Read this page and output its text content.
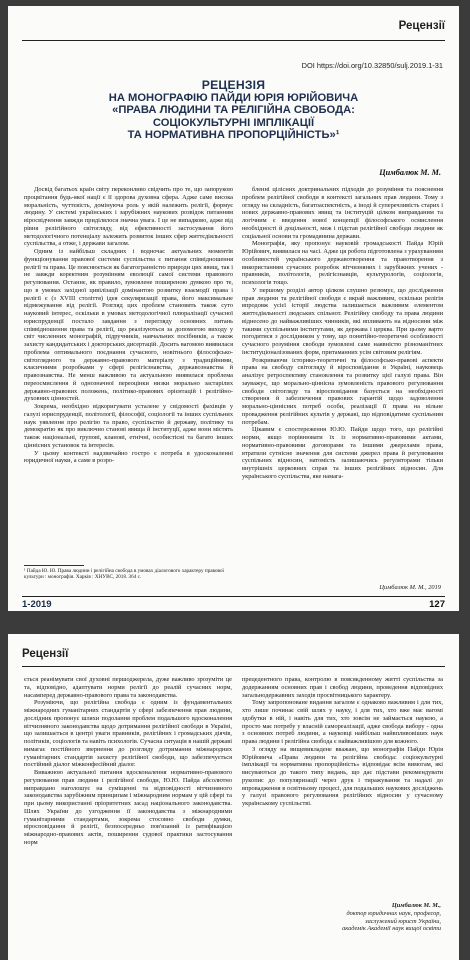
Рецензії
DOI https://doi.org/10.32850/sulj.2019.1-31
РЕЦЕНЗІЯ
НА МОНОГРАФІЮ ПАЙДИ ЮРІЯ ЮРІЙОВИЧА
«ПРАВА ЛЮДИНИ ТА РЕЛІГІЙНА СВОБОДА:
СОЦІОКУЛЬТУРНІ ІМПЛІКАЦІЇ
ТА НОРМАТИВНА ПРОПОРЦІЙНІСТЬ»¹
Цимбалюк М. М.

Досвід багатьох країн світу переконливо свідчить про те, що запорукою процвітання будь-якої нації є її здорова духовна сфера. Адже саме висока моральність, чуттєвість, домінуюча роль у якій належить релігії, формує людину. У системі українських і зарубіжних наукових розвідок питанням віросвідчення завжди приділялося значна увага. І це не випадково, адже від рівня релігійного світогляду, від ефективності застосування його методологічного потенціалу залежить розвиток інших сфер життєдіяльності суспільства, а отже, і держави загалом.

Одним із найбільш складних і водночас актуальних моментів функціонування правової системи суспільства є питання співвідношення релігії та права. Це пояснюється як багатогранністю природи цих явищ, так і не завжди коректним розумінням еволюції самої системи правового регулювання. Останнє, як правило, зумовлене поширеною думкою про те, що в умовах західної цивілізації домінантою розвитку взаємодії права і релігії є (з XVIII століття) ідея секуляризації права, його максимальне відмежування від релігії. Розгляд цих проблем становить також суто науковий інтерес, оскільки в умовах методологічної плюралізації сучасної юриспруденції постало завдання з перегляду основних питань співвідношення права та релігії, що реалізуються за допомогою виходу у світ численних монографій, підручників, навчальних посібників, а також захисту кандидатських і докторських дисертацій. Досить вагомою виявилася проблема оптимального поєднання сучасного, новітнього філософсько-світоглядного та державно-правового матеріалу з традиційними, класичними розробками у сфері релігієзнавства, державознавства й правознавства. Не менш важливою та актуальною виявилася проблема переосмислення й однозначної переоцінки низки морально застарілих державно-правових положень, політико-правових орієнтацій і релігійно-духовних цінностей.

Зокрема, необхідно відкоригувати усталене у свідомості фахівців у галузі юриспруденції, політології, філософії, соціології та інших суспільних наук уявлення про релігію та право, суспільство й державу, політику та демократію як про виключно станові явища й інституції, адже вони містять також національні, групові, кланові, етнічні, особистісні та багато інших ціннісних установок та інтересів.

У цьому контексті надзвичайно гостро є потреба в удосконаленні юридичної науки, а саме в розро-

бленні цілісних доктринальних підходів до розуміння та пояснення проблем релігійної свободи в контексті загальних прав людини. Тому з огляду на складність, багатоаспектність, а іноді й суперечливість старих і нових державно-правових явищ та інституцій цілком виправданим та логічним є введення нової концепції філософського осмислення необхідності й доцільності, меж і підстав релігійної свободи людини як соціальної основи та громадянина держави.

Монографія, яку пропонує науковій громадськості Пайда Юрій Юрійович, виявилася на часі. Адже ця робота підготовлена з урахуванням особливостей українського державотворення та правотворення з використанням сучасних розробок вітчизняних і зарубіжних учених - правників, політологів, релігієзнавців, культурологів, соціологів, психологів тощо.

У першому розділі автор цілком слушно резюмує, що дослідження прав людини та релігійної свободи є вкрай важливим, оскільки релігія впродовж усієї історії людства залишається важливим елементом життєдіяльності людських спільнот. Релігійну свободу та права людини віднесено до найважливіших чинників, які впливають на відносини між такими суспільними інститутами, як держава і церква. При цьому варто погодитися з дослідником у тому, що понятійно-теоретичні особливості сучасного розуміння свободи зумовлені саме наявністю різноманітних інституціоналізованих форм, притаманних усім світовим релігіям.

Розкриваючи історико-теоретичні та філософсько-правові аспекти права на свободу світогляду й віросповідання в Україні, науковець аналізує ретроспективу становлення та розвитку цієї галузі права. Він зауважує, що морально-ціннісна зумовленість правового регулювання свободи світогляду та віросповідання базується на необхідності створення й забезпечення правових гарантій щодо задоволення морально-ціннісних потреб особи, реалізації її права на вільне провадження релігійних культів у державі, що відповідатиме суспільним потребам.

Цікавим є спостереження Ю.Ю. Пайди щодо того, що релігійні норми, якщо порівнювати їх із нормативно-правовими актами, нормативно-правовими договорами та іншими джерелами права, втратили сутнісне значення для системи джерел права й регулювання суспільних відносин, натомість залишаючись регуляторами тільки внутрішніх церковних справ та інших релігійних відносин. Для українського суспільства, яке намага-

¹ Пайда Ю. Ю. Права людини і релігійна свобода в умовах діалогового характеру правової культури : монографія. Харків : ХНУВС, 2018. 364 с.
Цимбалюк М. М., 2019
1-2019	127
Рецензії

ється реанімувати свої духовні першоджерела, дуже важливо зрозуміти це та, відповідно, адаптувати норми релігії до реалій сучасних норм, насамперед державно-правового права та законодавства.

Розуміючи, що релігійна свобода є одним із фундаментальних міжнародних гуманітарних стандартів у сфері забезпечення прав людини, дослідник пропонує шляхи подолання проблем подальшого вдосконалення вітчизняного законодавства щодо дотримання релігійної свободи в Україні, що залишається в центрі уваги правників, релігійних і громадських діячів, політиків, соціологів та навіть психологів. Сучасна ситуація в нашій державі вимагає постійного звернення до розгляду дотримання міжнародних гуманітарних стандартів захисту релігійної свободи, що забезпечується постійний діалог міжконфесійний діалог.

Виважною актуальної питання вдосконалення нормативно-правового регулювання прав людини і релігійної свободи, Ю.Ю. Пайда абсолютно виправдано наголошує на суміщенні та відповідності вітчизняного законодавства зарубіжним принципам і міжнародним нормам у цій сфері та при цьому використанні пріоритетних засад національного законодавства. Шлях України до узгодження її законодавства з міжнародними гуманітарними стандартами, зокрема стосовно свободи думки, віросповідання й релігії, безпосередньо пов'язаний із ратифікацією міжнародно-правових актів, поширення судової практики застосування норм

прецедентного права, контролю в повсякденному житті суспільства за додержанням основних прав і свобод людини, проведення відповідних загальнодержавних заходів просвітницького характеру.

Тому запропоноване видання загалом є однаково важливим і для тих, хто лише починає свій шлях у науку, і для тих, хто вже має вагомі здобутки в ній, і навіть для тих, хто зовсім не займається наукою, а просто має потребу у власній самореалізації, адже свобода вибору - одна з основних потреб людини, а науковці найбільш найвпливовіших наук права людини і релігійна свобода є найважливішою для кожного.

З огляду на вищевикладене вважаю, що монографія Пайди Юрія Юрійовича «Права людини та релігійна свобода: соціокультурні імплікації та нормативна пропорційність» відповідає всім вимогам, які висуваються до такого типу видань, що дає підстави рекомендувати рукопис до популяризації через друк і тиражування та надалі до впровадження в освітньому процесі, для подальших наукових досліджень у галузі правового регулювання релігійних відносин у сучасному українському суспільстві.

Цимбалюк М. М.,
доктор юридичних наук, професор,
заслужений юрист України,
академік Академії наук вищої освіти
